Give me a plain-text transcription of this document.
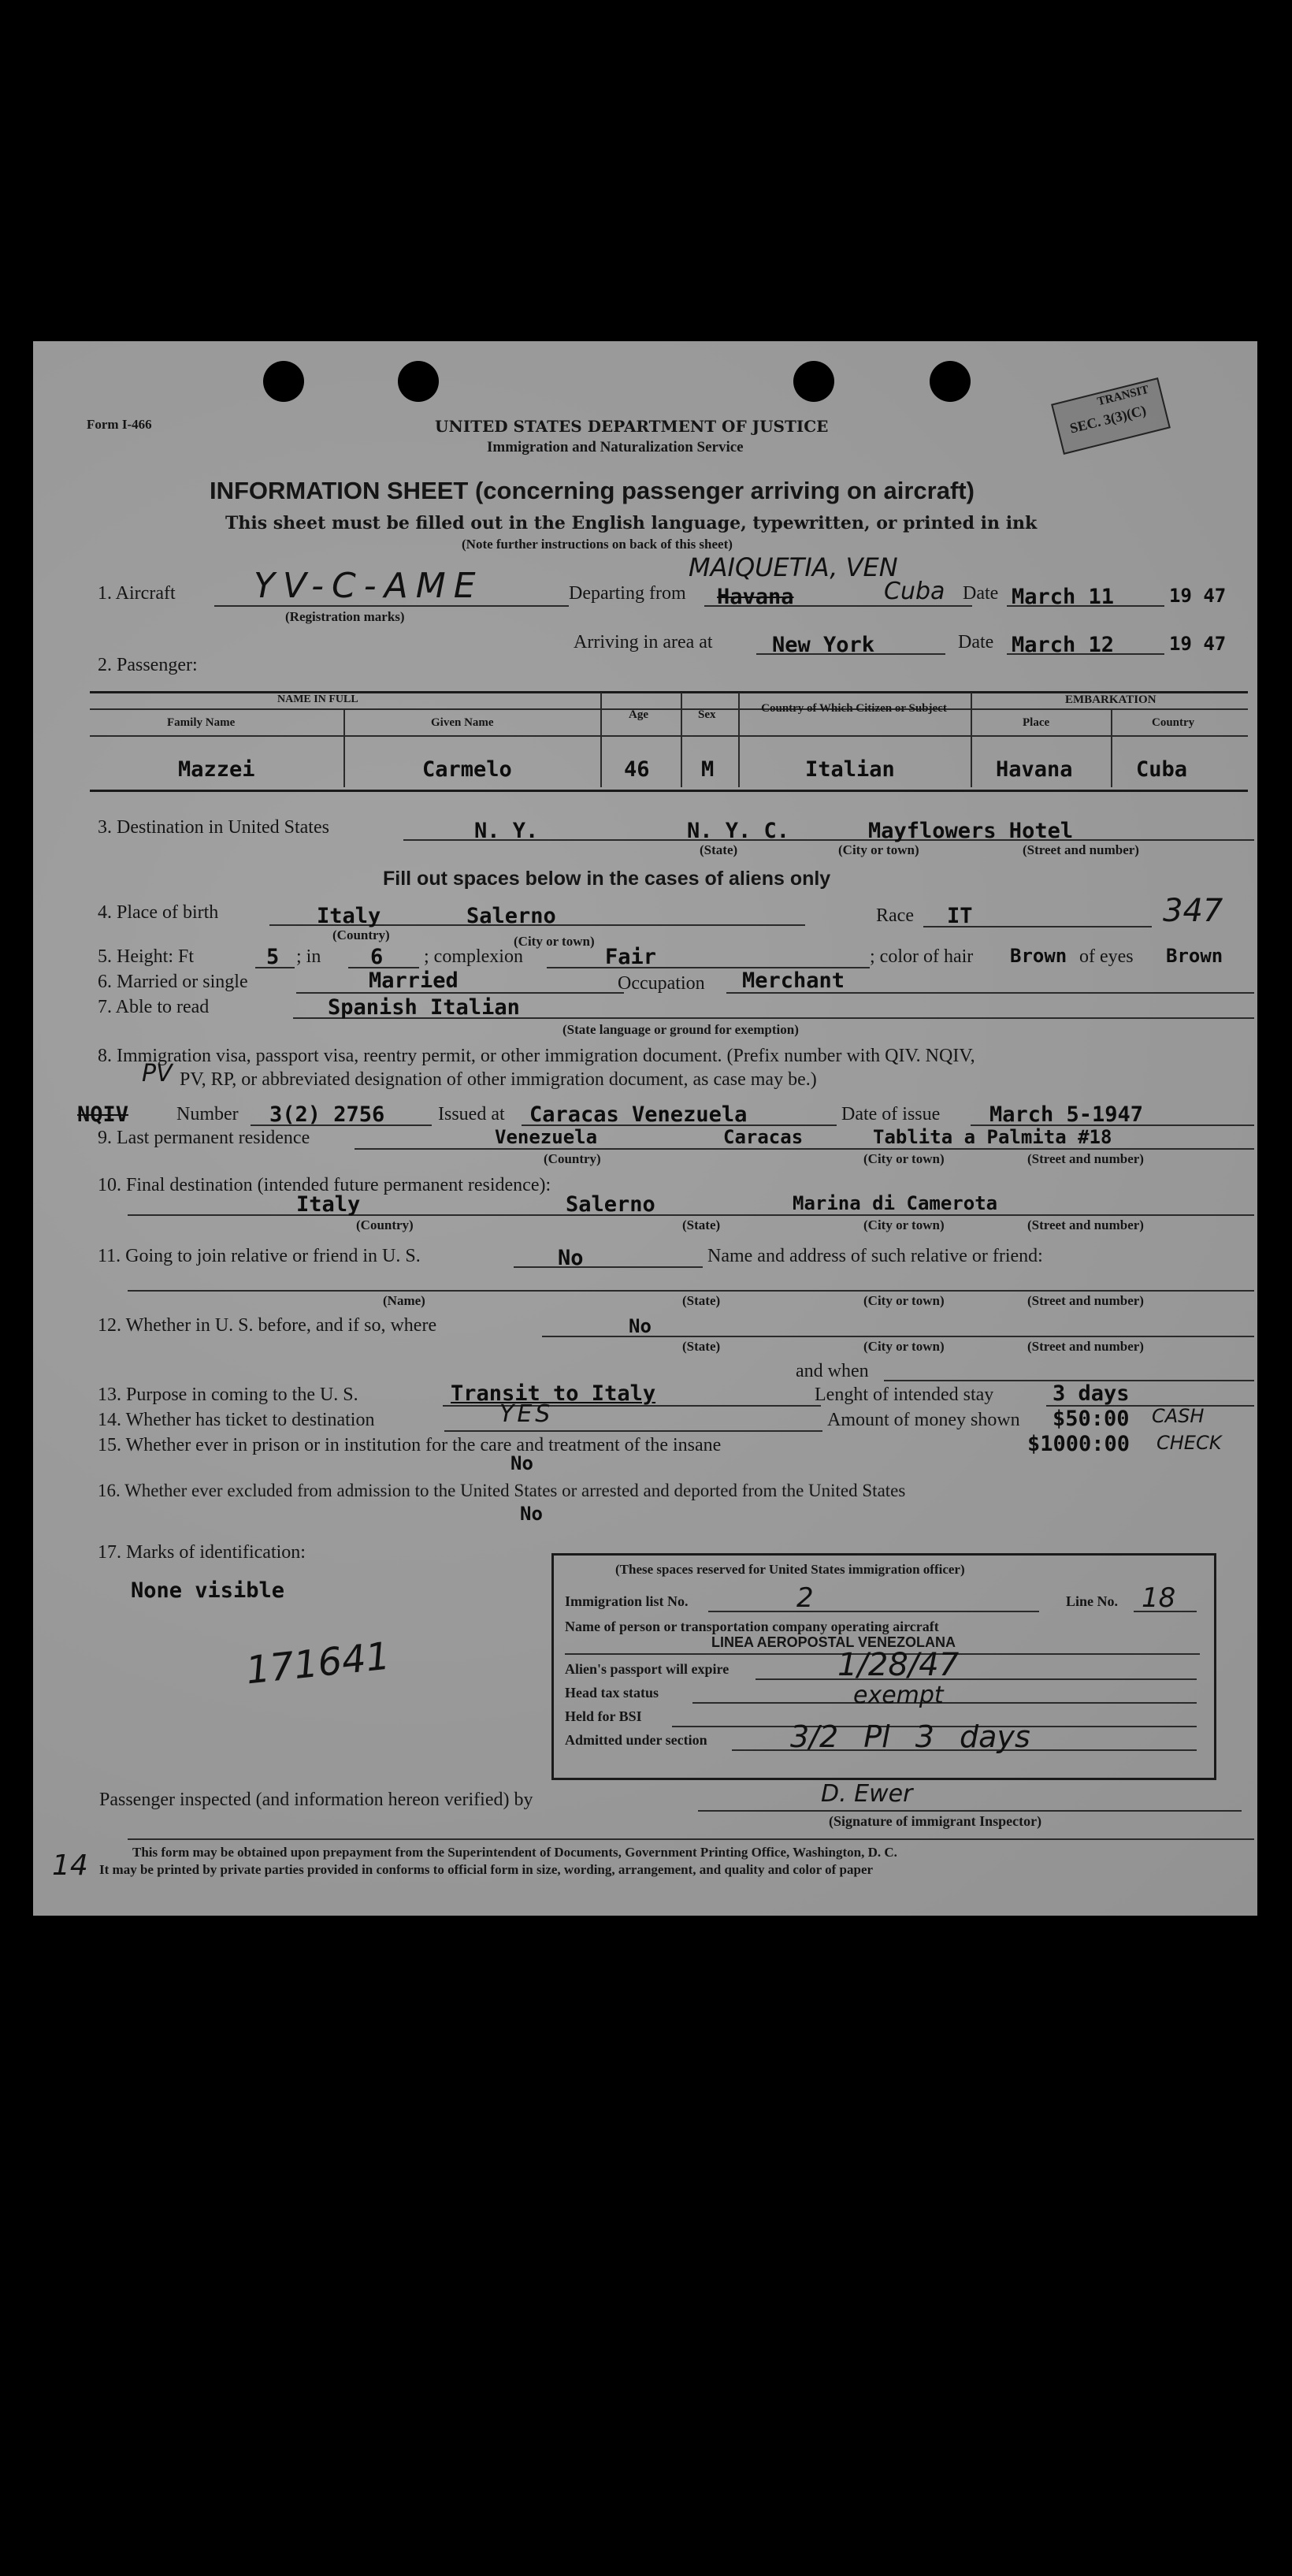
Form I-466	UNITED STATES DEPARTMENT OF JUSTICE
Immigration and Naturalization Service
TRANSIT
SEC. 3(3)(C)
INFORMATION SHEET (concerning passenger arriving on aircraft)
This sheet must be filled out in the English language, typewritten, or printed in ink
(Note further instructions on back of this sheet)
1. Aircraft YV-C-AME
(Registration marks)
Departing from Havana
MAIQUETIA, VEN
Cuba Date March 11	19 47
Arriving in area at	New York	Date March 12	19 47
2. Passenger:
NAME IN FULL
Family Name	Given Name
Age	Sex	Country of Which Citizen or Subject
EMBARKATION
Place	Country
Mazzei	Carmelo	46 M	Italian	Havana	Cuba
3. Destination in United States	N. Y.	N. Y. C.	Mayflowers Hotel
(State)	(City or town)	(Street and number)
Fill out spaces below in the cases of aliens only
4. Place of birth	Italy	Salerno
(Country)	(City or town)
Race IT	347
5. Height: Ft	5 ; in 6 ; complexion	Fair	; color of hair Brown of eyes Brown
6. Married or single	Married	Occupation Merchant
7. Able to read	Spanish Italian
(State language or ground for exemption)
8. Immigration visa, passport visa, reentry permit, or other immigration document. (Prefix number with QIV. NQIV,
PV, RP, or abbreviated designation of other immigration document, as case may be.)
PV
NQIV	Number 3(2) 2756	Issued at Caracas Venezuela	Date of issue March 5-1947
9. Last permanent residence	Venezuela	Caracas	Tablita a Palmita #18
(Country)	(City or town)	(Street and number)
10. Final destination (intended future permanent residence):
Italy	Salerno	Marina di Camerota
(Country)	(State)	(City or town)	(Street and number)
11. Going to join relative or friend in U. S.	No	Name and address of such relative or friend:
(Name)	(State)	(City or town)	(Street and number)
12. Whether in U. S. before, and if so, where	No
(State)	(City or town)	(Street and number)
and when
13. Purpose in coming to the U. S.	Transit to Italy	Lenght of intended stay	3 days
14. Whether has ticket to destination	YES	Amount of money shown $50:00 CASH
15. Whether ever in prison or in institution for the care and treatment of the insane
No
$1000:00 CHECK
16. Whether ever excluded from admission to the United States or arrested and deported from the United States
No
17. Marks of identification:
None visible
171641
(These spaces reserved for United States immigration officer)
Immigration list No.	2	Line No. 18
Name of person or transportation company operating aircraft
LINEA AEROPOSTAL VENEZOLANA
Alien's passport will expire	1/28/47
Head tax status	exempt
Held for BSI
Admitted under section	3/2 Pl 3 days
Passenger inspected (and information hereon verified) by	D. Ewer
(Signature of immigrant Inspector)
14	This form may be obtained upon prepayment from the Superintendent of Documents, Government Printing Office, Washington, D. C.
It may be printed by private parties provided in conforms to official form in size, wording, arrangement, and quality and color of paper
